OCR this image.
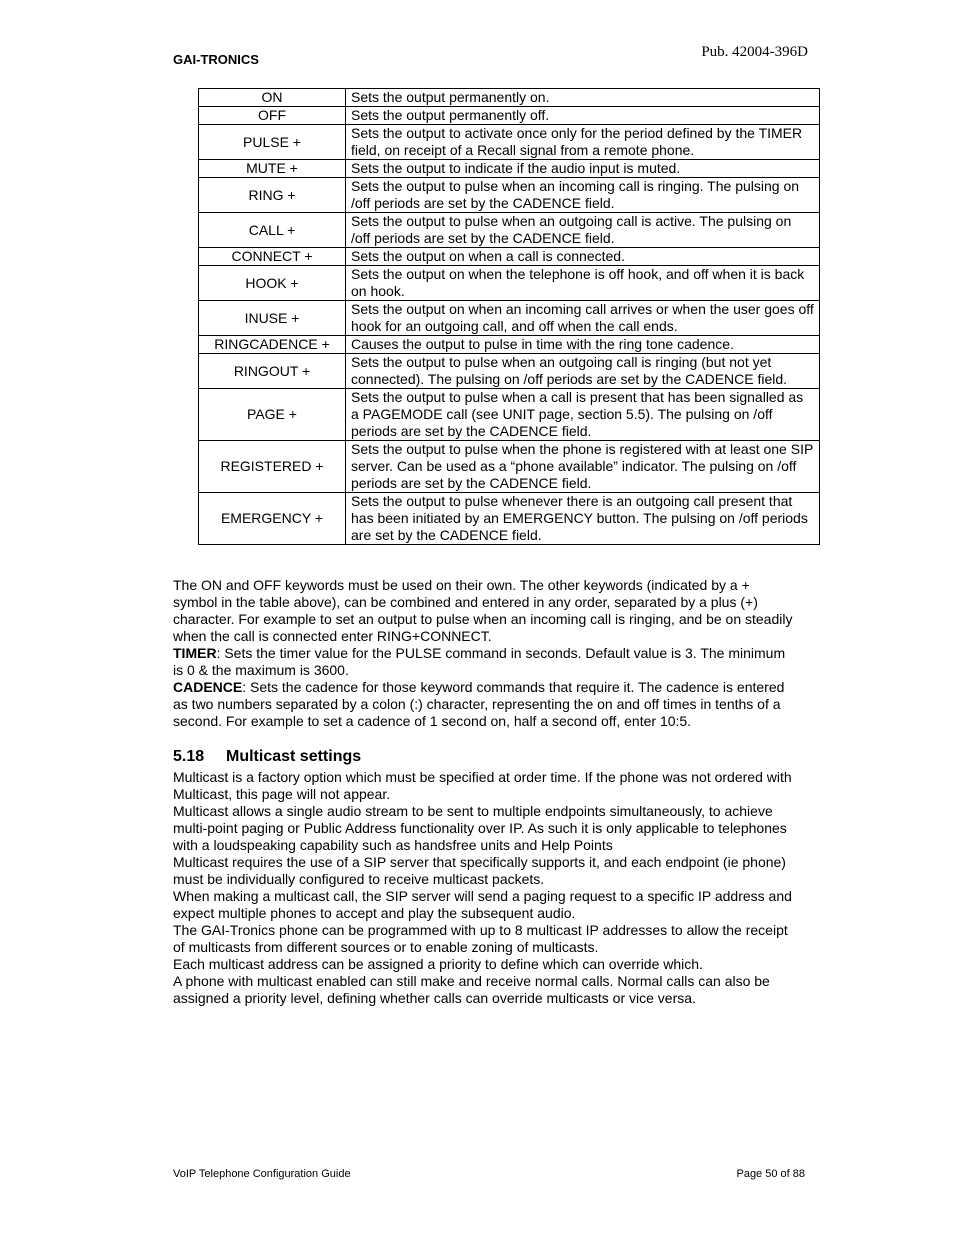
GAI-TRONICS	Pub. 42004-396D
ON	Sets the output permanently on.
OFF	Sets the output permanently off.
PULSE +	Sets the output to activate once only for the period defined by the TIMER field, on receipt of a Recall signal from a remote phone.
MUTE +	Sets the output to indicate if the audio input is muted.
RING +	Sets the output to pulse when an incoming call is ringing. The pulsing on /off periods are set by the CADENCE field.
CALL +	Sets the output to pulse when an outgoing call is active. The pulsing on /off periods are set by the CADENCE field.
CONNECT +	Sets the output on when a call is connected.
HOOK +	Sets the output on when the telephone is off hook, and off when it is back on hook.
INUSE +	Sets the output on when an incoming call arrives or when the user goes off hook for an outgoing call, and off when the call ends.
RINGCADENCE +	Causes the output to pulse in time with the ring tone cadence.
RINGOUT +	Sets the output to pulse when an outgoing call is ringing (but not yet connected). The pulsing on /off periods are set by the CADENCE field.
PAGE +	Sets the output to pulse when a call is present that has been signalled as a PAGEMODE call (see UNIT page, section 5.5). The pulsing on /off periods are set by the CADENCE field.
REGISTERED +	Sets the output to pulse when the phone is registered with at least one SIP server. Can be used as a “phone available” indicator. The pulsing on /off periods are set by the CADENCE field.
EMERGENCY +	Sets the output to pulse whenever there is an outgoing call present that has been initiated by an EMERGENCY button. The pulsing on /off periods are set by the CADENCE field.

The ON and OFF keywords must be used on their own. The other keywords (indicated by a + symbol in the table above), can be combined and entered in any order, separated by a plus (+) character. For example to set an output to pulse when an incoming call is ringing, and be on steadily when the call is connected enter RING+CONNECT.

TIMER: Sets the timer value for the PULSE command in seconds. Default value is 3. The minimum is 0 & the maximum is 3600.

CADENCE: Sets the cadence for those keyword commands that require it. The cadence is entered as two numbers separated by a colon (:) character, representing the on and off times in tenths of a second. For example to set a cadence of 1 second on, half a second off, enter 10:5.

5.18 Multicast settings

Multicast is a factory option which must be specified at order time. If the phone was not ordered with Multicast, this page will not appear.

Multicast allows a single audio stream to be sent to multiple endpoints simultaneously, to achieve multi-point paging or Public Address functionality over IP. As such it is only applicable to telephones with a loudspeaking capability such as handsfree units and Help Points

Multicast requires the use of a SIP server that specifically supports it, and each endpoint (ie phone) must be individually configured to receive multicast packets.

When making a multicast call, the SIP server will send a paging request to a specific IP address and expect multiple phones to accept and play the subsequent audio.

The GAI-Tronics phone can be programmed with up to 8 multicast IP addresses to allow the receipt of multicasts from different sources or to enable zoning of multicasts.

Each multicast address can be assigned a priority to define which can override which.

A phone with multicast enabled can still make and receive normal calls. Normal calls can also be assigned a priority level, defining whether calls can override multicasts or vice versa.

VoIP Telephone Configuration Guide	Page 50 of 88
